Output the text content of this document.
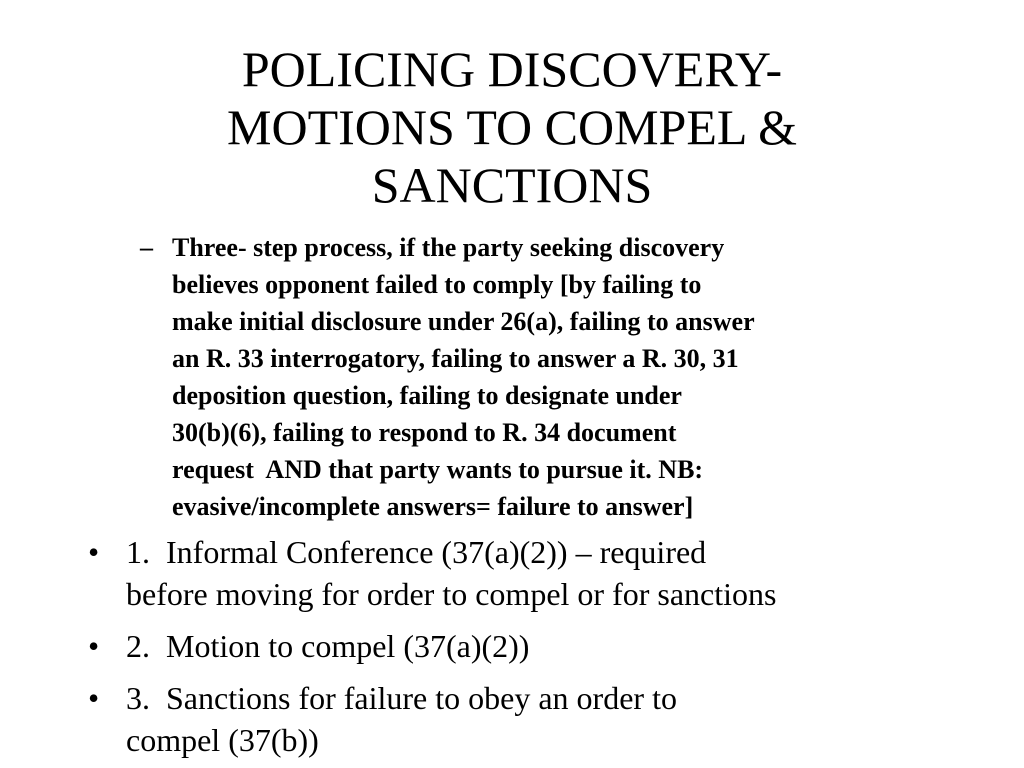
POLICING DISCOVERY-
MOTIONS TO COMPEL &
SANCTIONS
– Three- step process, if the party seeking discovery
believes opponent failed to comply [by failing to
make initial disclosure under 26(a), failing to answer
an R. 33 interrogatory, failing to answer a R. 30, 31
deposition question, failing to designate under
30(b)(6), failing to respond to R. 34 document
request  AND that party wants to pursue it. NB:
evasive/incomplete answers= failure to answer]
• 1.  Informal Conference (37(a)(2)) – required
before moving for order to compel or for sanctions
• 2.  Motion to compel (37(a)(2))
• 3.  Sanctions for failure to obey an order to
compel (37(b))
